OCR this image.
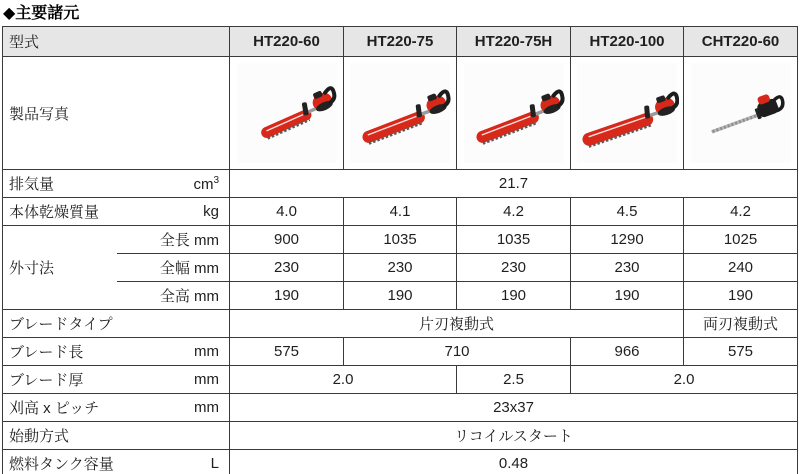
◆主要諸元
型式		HT220-60	HT220-75	HT220-75H	HT220-100	CHT220-60

製品写真

排気量 $cm^3$		21.7				

本体乾燥質量 kg		4.0	4.1	4.2	4.5	4.2
外寸法	全長 mm	900	1035	1035	1290	1025
	全幅 mm	230	230	230	230	240
	全高 mm	190	190	190	190	190

ブレードタイプ		片刃複動式				両刃複動式

ブレード長 mm		575	710		966	575

ブレード厚 mm		2.0		2.5	2.0	

刈高 x ピッチ mm		23x37				

始動方式		リコイルスタート				

燃料タンク容量 L		0.48				
